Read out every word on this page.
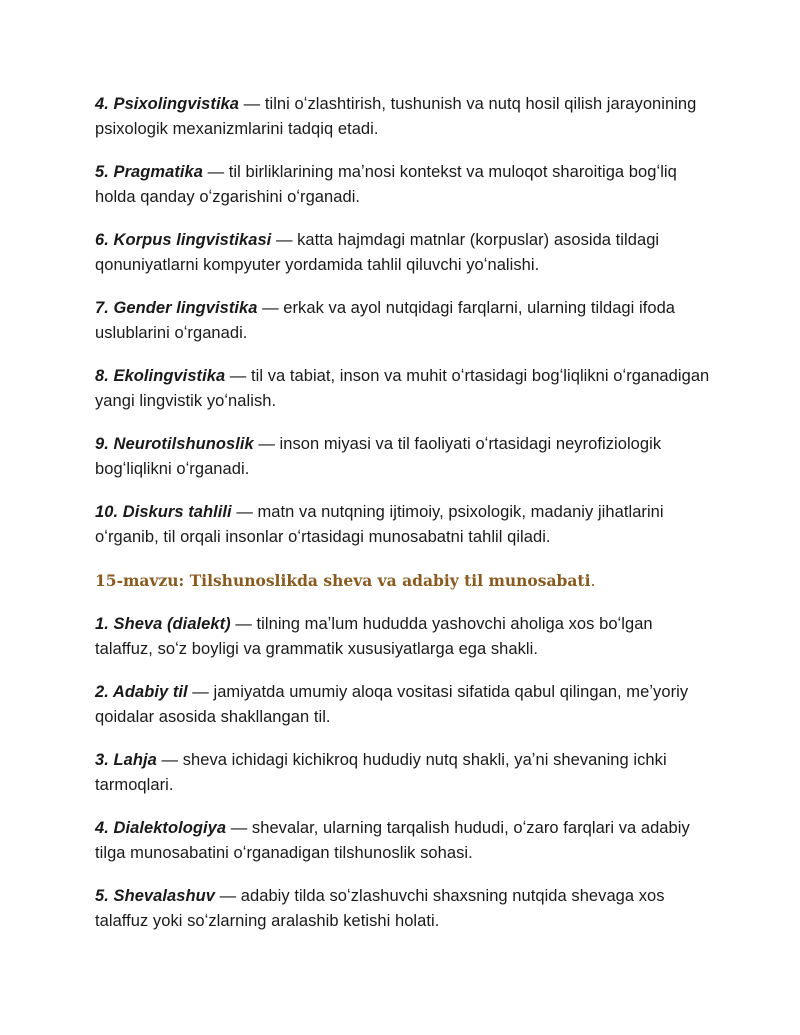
4. Psixolingvistika — tilni oʻzlashtirish, tushunish va nutq hosil qilish jarayonining psixologik mexanizmlarini tadqiq etadi.

5. Pragmatika — til birliklarining maʼnosi kontekst va muloqot sharoitiga bogʻliq holda qanday oʻzgarishini oʻrganadi.

6. Korpus lingvistikasi — katta hajmdagi matnlar (korpuslar) asosida tildagi qonuniyatlarni kompyuter yordamida tahlil qiluvchi yoʻnalishi.

7. Gender lingvistika — erkak va ayol nutqidagi farqlarni, ularning tildagi ifoda uslublarini oʻrganadi.

8. Ekolingvistika — til va tabiat, inson va muhit oʻrtasidagi bogʻliqlikni oʻrganadigan yangi lingvistik yoʻnalish.

9. Neurotilshunoslik — inson miyasi va til faoliyati oʻrtasidagi neyrofiziologik bogʻliqlikni oʻrganadi.

10. Diskurs tahlili — matn va nutqning ijtimoiy, psixologik, madaniy jihatlarini oʻrganib, til orqali insonlar oʻrtasidagi munosabatni tahlil qiladi.

15-mavzu: Tilshunoslikda sheva va adabiy til munosabati.

1. Sheva (dialekt) — tilning maʼlum hududda yashovchi aholiga xos boʻlgan talaffuz, soʻz boyligi va grammatik xususiyatlarga ega shakli.

2. Adabiy til — jamiyatda umumiy aloqa vositasi sifatida qabul qilingan, meʼyoriy qoidalar asosida shakllangan til.

3. Lahja — sheva ichidagi kichikroq hududiy nutq shakli, yaʼni shevaning ichki tarmoqlari.

4. Dialektologiya — shevalar, ularning tarqalish hududi, oʻzaro farqlari va adabiy tilga munosabatini oʻrganadigan tilshunoslik sohasi.

5. Shevalashuv — adabiy tilda soʻzlashuvchi shaxsning nutqida shevaga xos talaffuz yoki soʻzlarning aralashib ketishi holati.
